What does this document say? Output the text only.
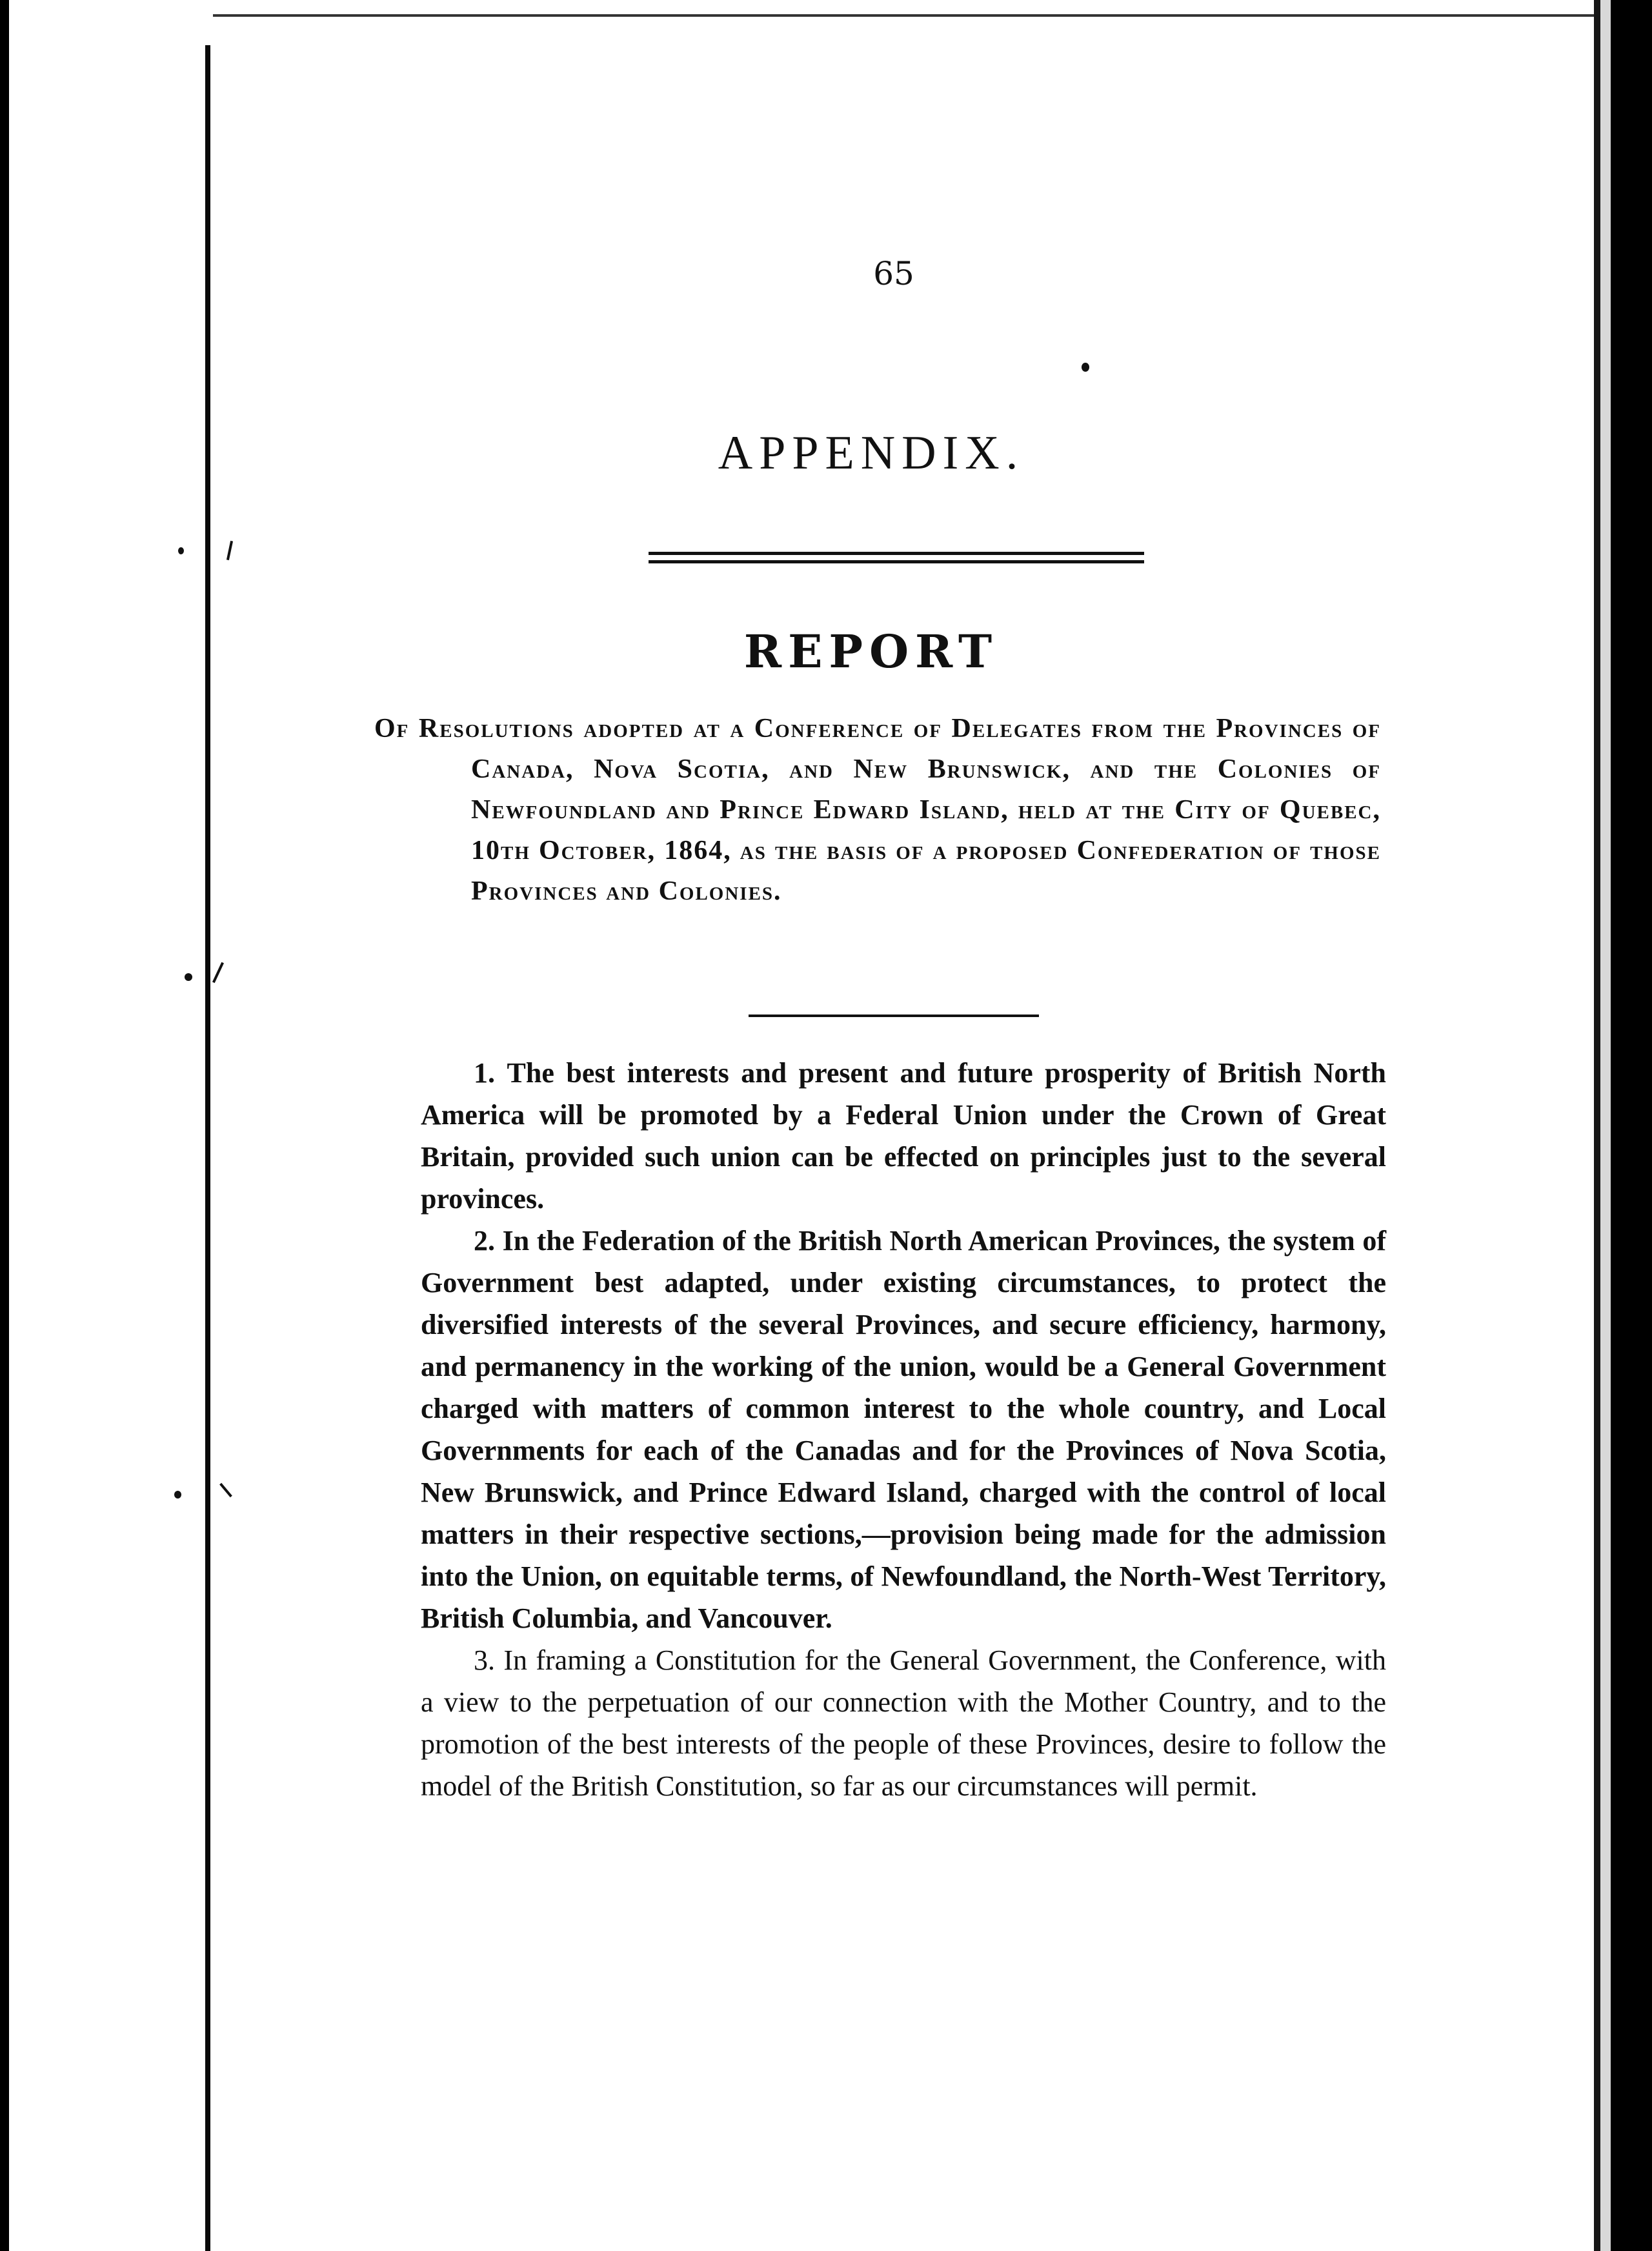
65
APPENDIX.
REPORT

Of Resolutions adopted at a Conference of Delegates from the Provinces of Canada, Nova Scotia, and New Brunswick, and the Colonies of Newfoundland and Prince Edward Island, held at the City of Quebec, 10th October, 1864, as the basis of a proposed Confederation of those Provinces and Colonies.

1. The best interests and present and future prosperity of British North America will be promoted by a Federal Union under the Crown of Great Britain, provided such union can be effected on principles just to the several provinces.

2. In the Federation of the British North American Provinces, the system of Government best adapted, under existing circumstances, to protect the diversified interests of the several Provinces, and secure efficiency, harmony, and permanency in the working of the union, would be a General Government charged with matters of common interest to the whole country, and Local Governments for each of the Canadas and for the Provinces of Nova Scotia, New Brunswick, and Prince Edward Island, charged with the control of local matters in their respective sections,—provision being made for the admission into the Union, on equitable terms, of Newfoundland, the North-West Territory, British Columbia, and Vancouver.

3. In framing a Constitution for the General Government, the Conference, with a view to the perpetuation of our connection with the Mother Country, and to the promotion of the best interests of the people of these Provinces, desire to follow the model of the British Constitution, so far as our circumstances will permit.
